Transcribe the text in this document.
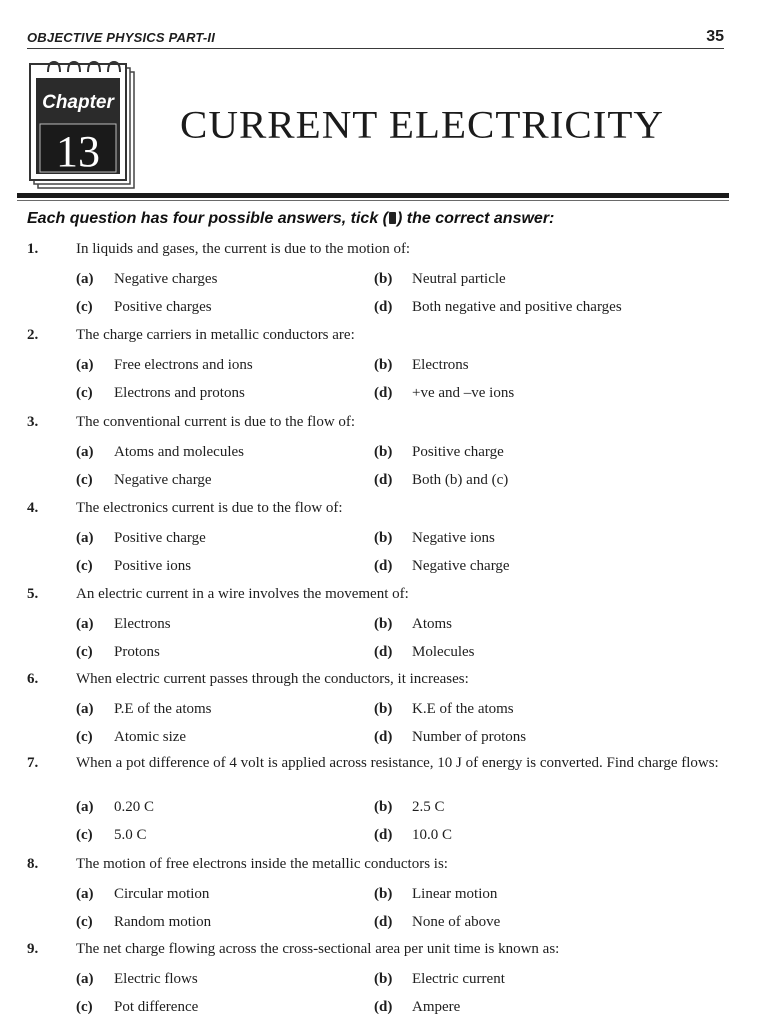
OBJECTIVE PHYSICS PART-II	35
Chapter
13
CURRENT ELECTRICITY
Each question has four possible answers, tick ( ) the correct answer:
1.	In liquids and gases, the current is due to the motion of:
(a) Negative charges	(b) Neutral particle
(c) Positive charges	(d) Both negative and positive charges
2.	The charge carriers in metallic conductors are:
(a) Free electrons and ions	(b) Electrons
(c) Electrons and protons	(d) +ve and –ve ions
3.	The conventional current is due to the flow of:
(a) Atoms and molecules	(b) Positive charge
(c) Negative charge	(d) Both (b) and (c)
4.	The electronics current is due to the flow of:
(a) Positive charge	(b) Negative ions
(c) Positive ions	(d) Negative charge
5.	An electric current in a wire involves the movement of:
(a) Electrons	(b) Atoms
(c) Protons	(d) Molecules
6.	When electric current passes through the conductors, it increases:
(a) P.E of the atoms	(b) K.E of the atoms
(c) Atomic size	(d) Number of protons
7.	When a pot difference of 4 volt is applied across resistance, 10 J of energy is converted. Find charge flows:
(a) 0.20 C	(b) 2.5 C
(c) 5.0 C	(d) 10.0 C
8.	The motion of free electrons inside the metallic conductors is:
(a) Circular motion	(b) Linear motion
(c) Random motion	(d) None of above
9.	The net charge flowing across the cross-sectional area per unit time is known as:
(a) Electric flows	(b) Electric current
(c) Pot difference	(d) Ampere
